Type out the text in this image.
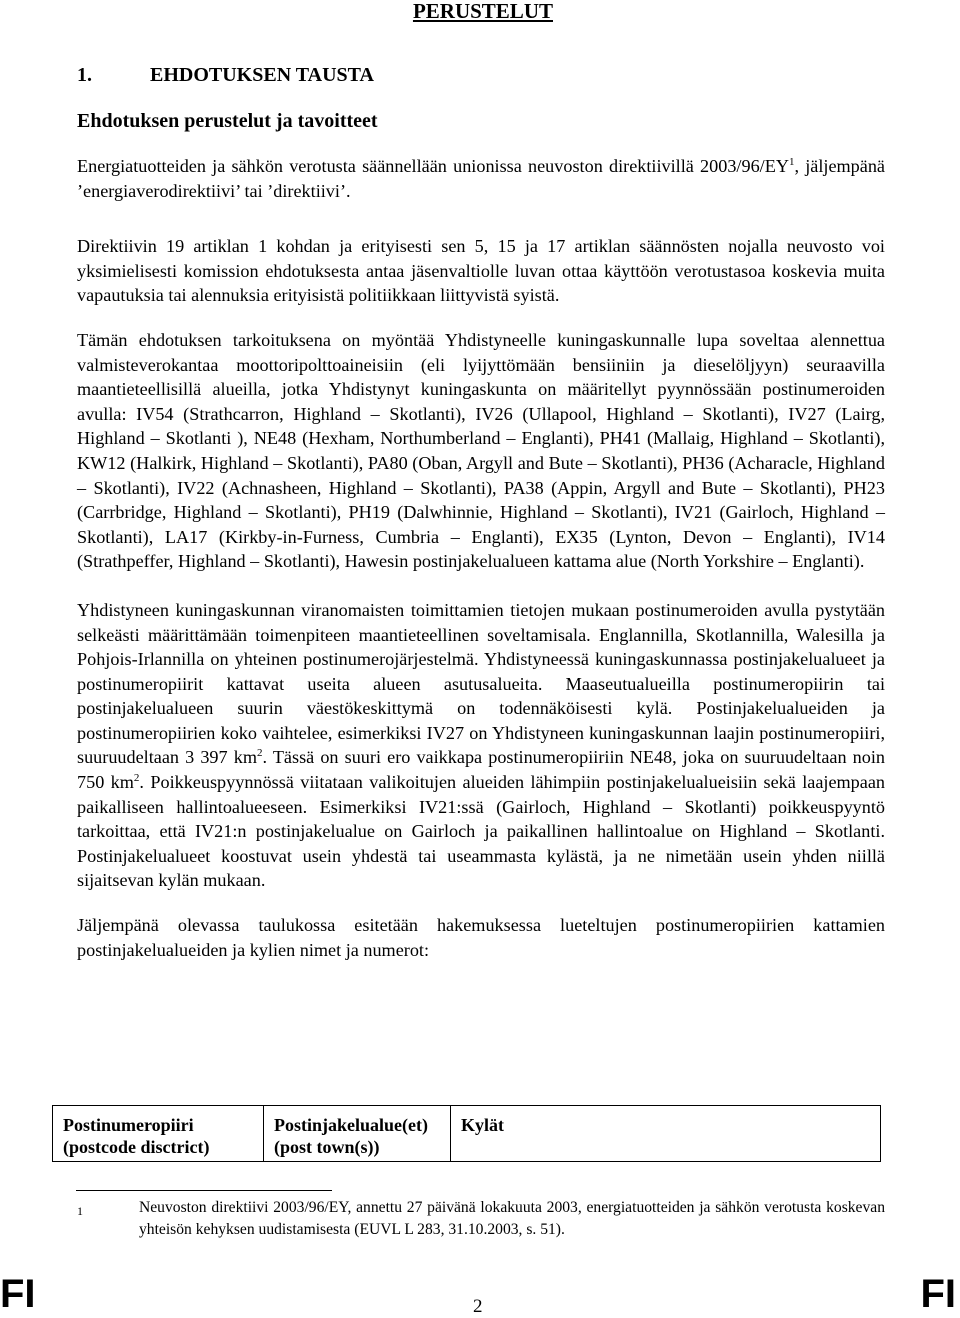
PERUSTELUT
1.	EHDOTUKSEN TAUSTA
Ehdotuksen perustelut ja tavoitteet

Energiatuotteiden ja sähkön verotusta säännellään unionissa neuvoston direktiivillä $2003/96/EY^1$, jäljempänä ’energiaverodirektiivi’ tai ’direktiivi’.

Direktiivin 19 artiklan 1 kohdan ja erityisesti sen 5, 15 ja 17 artiklan säännösten nojalla neuvosto voi yksimielisesti komission ehdotuksesta antaa jäsenvaltiolle luvan ottaa käyttöön verotustasoa koskevia muita vapautuksia tai alennuksia erityisistä politiikkaan liittyvistä syistä.

Tämän ehdotuksen tarkoituksena on myöntää Yhdistyneelle kuningaskunnalle lupa soveltaa alennettua valmisteverokantaa moottoripolttoaineisiin (eli lyijyttömään bensiiniin ja dieselöljyyn) seuraavilla maantieteellisillä alueilla, jotka Yhdistynyt kuningaskunta on määritellyt pyynnössään postinumeroiden avulla: IV54 (Strathcarron, Highland – Skotlanti), IV26 (Ullapool, Highland – Skotlanti), IV27 (Lairg, Highland – Skotlanti ), NE48 (Hexham, Northumberland – Englanti), PH41 (Mallaig, Highland – Skotlanti), KW12 (Halkirk, Highland – Skotlanti), PA80 (Oban, Argyll and Bute – Skotlanti), PH36 (Acharacle, Highland – Skotlanti), IV22 (Achnasheen, Highland – Skotlanti), PA38 (Appin, Argyll and Bute – Skotlanti), PH23 (Carrbridge, Highland – Skotlanti), PH19 (Dalwhinnie, Highland – Skotlanti), IV21 (Gairloch, Highland – Skotlanti), LA17 (Kirkby-in-Furness, Cumbria – Englanti), EX35 (Lynton, Devon – Englanti), IV14 (Strathpeffer, Highland – Skotlanti), Hawesin postinjakelualueen kattama alue (North Yorkshire – Englanti).

Yhdistyneen kuningaskunnan viranomaisten toimittamien tietojen mukaan postinumeroiden avulla pystytään selkeästi määrittämään toimenpiteen maantieteellinen soveltamisala. Englannilla, Skotlannilla, Walesilla ja Pohjois-Irlannilla on yhteinen postinumerojärjestelmä. Yhdistyneessä kuningaskunnassa postinjakelualueet ja postinumeropiirit kattavat useita alueen asutusalueita. Maaseutualueilla postinumeropiirin tai postinjakelualueen suurin väestökeskittymä on todennäköisesti kylä. Postinjakelualueiden ja postinumeropiirien koko vaihtelee, esimerkiksi IV27 on Yhdistyneen kuningaskunnan laajin postinumeropiiri, suuruudeltaan 3 397 $km^2$. Tässä on suuri ero vaikkapa postinumeropiiriin NE48, joka on suuruudeltaan noin 750 $km^2$. Poikkeuspyynnössä viitataan valikoitujen alueiden lähimpiin postinjakelualueisiin sekä laajempaan paikalliseen hallintoalueeseen. Esimerkiksi IV21:ssä (Gairloch, Highland – Skotlanti) poikkeuspyyntö tarkoittaa, että IV21:n postinjakelualue on Gairloch ja paikallinen hallintoalue on Highland – Skotlanti. Postinjakelualueet koostuvat usein yhdestä tai useammasta kylästä, ja ne nimetään usein yhden niillä sijaitsevan kylän mukaan.

Jäljempänä olevassa taulukossa esitetään hakemuksessa lueteltujen postinumeropiirien kattamien postinjakelualueiden ja kylien nimet ja numerot:

Postinumeropiiri
(postcode disctrict)

Postinjakelualue(et)
(post town(s))

Kylät
1	Neuvoston direktiivi 2003/96/EY, annettu 27 päivänä lokakuuta 2003, energiatuotteiden ja sähkön verotusta koskevan yhteisön kehyksen uudistamisesta (EUVL L 283, 31.10.2003, s. 51).
FI	2	FI
